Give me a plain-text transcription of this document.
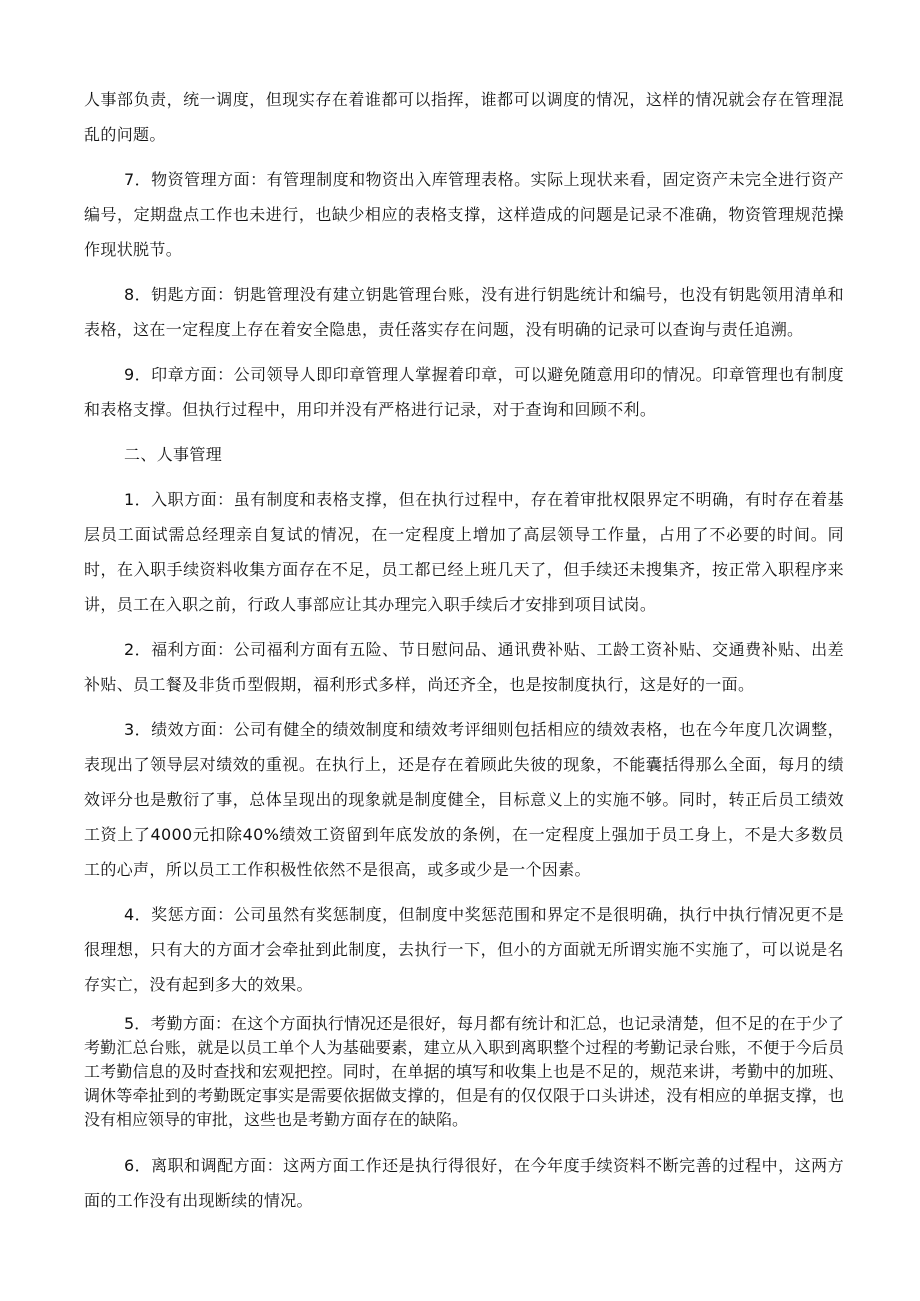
人事部负责，统一调度，但现实存在着谁都可以指挥，谁都可以调度的情况，这样的情况就会存在管理混乱的问题。

7．物资管理方面：有管理制度和物资出入库管理表格。实际上现状来看，固定资产未完全进行资产编号，定期盘点工作也未进行，也缺少相应的表格支撑，这样造成的问题是记录不准确，物资管理规范操作现状脱节。

8．钥匙方面：钥匙管理没有建立钥匙管理台账，没有进行钥匙统计和编号，也没有钥匙领用清单和表格，这在一定程度上存在着安全隐患，责任落实存在问题，没有明确的记录可以查询与责任追溯。

9．印章方面：公司领导人即印章管理人掌握着印章，可以避免随意用印的情况。印章管理也有制度和表格支撑。但执行过程中，用印并没有严格进行记录，对于查询和回顾不利。

二、人事管理

1．入职方面：虽有制度和表格支撑，但在执行过程中，存在着审批权限界定不明确，有时存在着基层员工面试需总经理亲自复试的情况，在一定程度上增加了高层领导工作量，占用了不必要的时间。同时，在入职手续资料收集方面存在不足，员工都已经上班几天了，但手续还未搜集齐，按正常入职程序来讲，员工在入职之前，行政人事部应让其办理完入职手续后才安排到项目试岗。

2．福利方面：公司福利方面有五险、节日慰问品、通讯费补贴、工龄工资补贴、交通费补贴、出差补贴、员工餐及非货币型假期，福利形式多样，尚还齐全，也是按制度执行，这是好的一面。

3．绩效方面：公司有健全的绩效制度和绩效考评细则包括相应的绩效表格，也在今年度几次调整，表现出了领导层对绩效的重视。在执行上，还是存在着顾此失彼的现象，不能囊括得那么全面，每月的绩效评分也是敷衍了事，总体呈现出的现象就是制度健全，目标意义上的实施不够。同时，转正后员工绩效工资上了4000元扣除40%绩效工资留到年底发放的条例，在一定程度上强加于员工身上，不是大多数员工的心声，所以员工工作积极性依然不是很高，或多或少是一个因素。

4．奖惩方面：公司虽然有奖惩制度，但制度中奖惩范围和界定不是很明确，执行中执行情况更不是很理想，只有大的方面才会牵扯到此制度，去执行一下，但小的方面就无所谓实施不实施了，可以说是名存实亡，没有起到多大的效果。

5．考勤方面：在这个方面执行情况还是很好，每月都有统计和汇总，也记录清楚，但不足的在于少了考勤汇总台账，就是以员工单个人为基础要素，建立从入职到离职整个过程的考勤记录台账，不便于今后员工考勤信息的及时查找和宏观把控。同时，在单据的填写和收集上也是不足的，规范来讲，考勤中的加班、调休等牵扯到的考勤既定事实是需要依据做支撑的，但是有的仅仅限于口头讲述，没有相应的单据支撑，也没有相应领导的审批，这些也是考勤方面存在的缺陷。

6．离职和调配方面：这两方面工作还是执行得很好，在今年度手续资料不断完善的过程中，这两方面的工作没有出现断续的情况。
